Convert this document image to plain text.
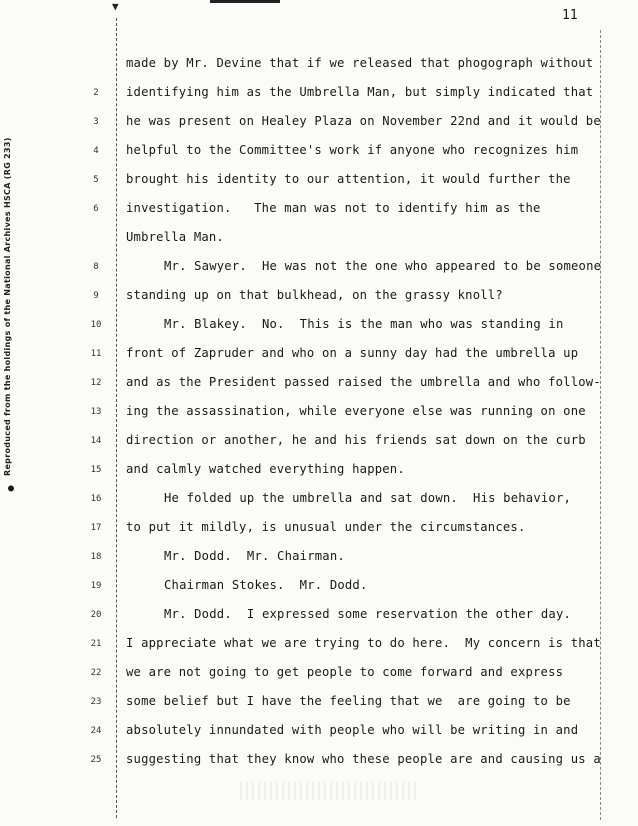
▼
11
Reproduced from the holdings of the National Archives HSCA (RG 233)
●
made by Mr. Devine that if we released that phogograph without
2	identifying him as the Umbrella Man, but simply indicated that
3	he was present on Healey Plaza on November 22nd and it would be
4	helpful to the Committee's work if anyone who recognizes him
5	brought his identity to our attention, it would further the
6	investigation.   The man was not to identify him as the
Umbrella Man.
8	Mr. Sawyer.  He was not the one who appeared to be someone
9	standing up on that bulkhead, on the grassy knoll?
10	Mr. Blakey.  No.  This is the man who was standing in
11	front of Zapruder and who on a sunny day had the umbrella up
12	and as the President passed raised the umbrella and who follow-
13	ing the assassination, while everyone else was running on one
14	direction or another, he and his friends sat down on the curb
15	and calmly watched everything happen.
16	He folded up the umbrella and sat down.  His behavior,
17	to put it mildly, is unusual under the circumstances.
18	Mr. Dodd.  Mr. Chairman.
19	Chairman Stokes.  Mr. Dodd.
20	Mr. Dodd.  I expressed some reservation the other day.
21	I appreciate what we are trying to do here.  My concern is that
22	we are not going to get people to come forward and express
23	some belief but I have the feeling that we  are going to be
24	absolutely innundated with people who will be writing in and
25	suggesting that they know who these people are and causing us a
